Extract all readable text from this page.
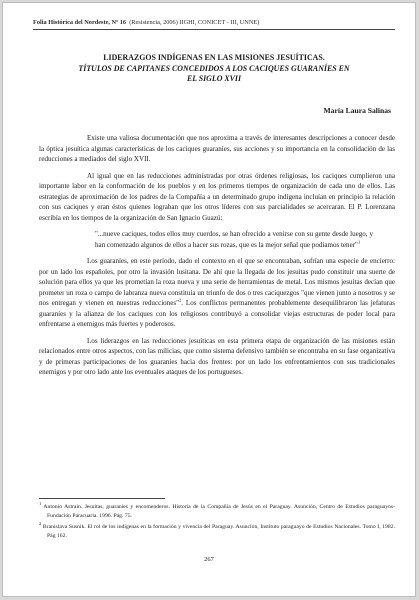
Folia Histórica del Nordeste, Nº 16 (Resistencia, 2006) IIGHI, CONICET - III, UNNE)
LIDERAZGOS INDÍGENAS EN LAS MISIONES JESUÍTICAS.
TÍTULOS DE CAPITANES CONCEDIDOS A LOS CACIQUES GUARANÍES EN
EL SIGLO XVII
María Laura Salinas

Existe una valiosa documentación que nos aproxima a través de interesantes descripciones a conocer desde la óptica jesuítica algunas características de los caciques guaraníes, sus acciones y su importancia en la consolidación de las reducciones a mediados del siglo XVII.

Al igual que en las reducciones administradas por otras órdenes religiosas, los caciques cumplieron una importante labor en la conformación de los pueblos y en los primeros tiempos de organización de cada uno de ellos. Las estrategias de aproximación de los padres de la Compañía a un determinado grupo indígena incluían en principio la relación con sus caciques y eran éstos quienes lograban que los otros líderes con sus parcialidades se acercaran. El P. Lorenzana escribía en los tiempos de la organización de San Ignacio Guazú:

"...nueve caciques, todos ellos muy cuerdos, se han ofrecido a venirse con su gente desde luego, y han comenzado algunos de ellos a hacer sus rozas, que es la mejor señal que podiamos tener"$^1$

Los guaraníes, en este período, dado el contexto en el que se encontraban, sufrían una especie de encierro: por un lado los españoles, por otro la invasión lusitana. De ahí que la llegada de los jesuitas pudo constituir una suerte de solución para ellos ya que les prometían la roza nueva y una serie de herramientas de metal. Los mismos jesuitas decían que prometer un roza o campo de labranza nueva constituía un triunfo de dos o tres caciquezgos "que vienen junto a nosotros y se nos entregan y vienen en nuestras reducciones"$^2$. Los conflictos permanentes probablemente desequilibraron las jefaturas guaraníes y la alianza de los caciques con los religiosos contribuyó a consolidar viejas estructuras de poder local para enfrentarse a enemigos más fuertes y poderosos.

Los liderazgos en las reducciones jesuíticas en esta primera etapa de organización de las misiones están relacionados entre otros aspectos, con las milicias, que como sistema defensivo también se encontraba en su fase organizativa y de primeras participaciones de los guaraníes hacia dos frentes: por un lado los enfrentamientos con sus tradicionales enemigos y por otro lado ante los eventuales ataques de los portugueses.

$^1$ Antonio Astrain. Jesuitas, guaraníes y encomenderos. Historia de la Compañía de Jesús en el Paraguay. Asunción, Centro de Estudios paraguayos- Fundación Paracuaria. 1996. Pág. 75.

$^2$ Branislava Susnik. El rol de los indígenas en la formación y vivencia del Paraguay. Asunción, Instituto paraguayo de Estudios Nacionales. Tomo I, 1982. Pág 162.

267
